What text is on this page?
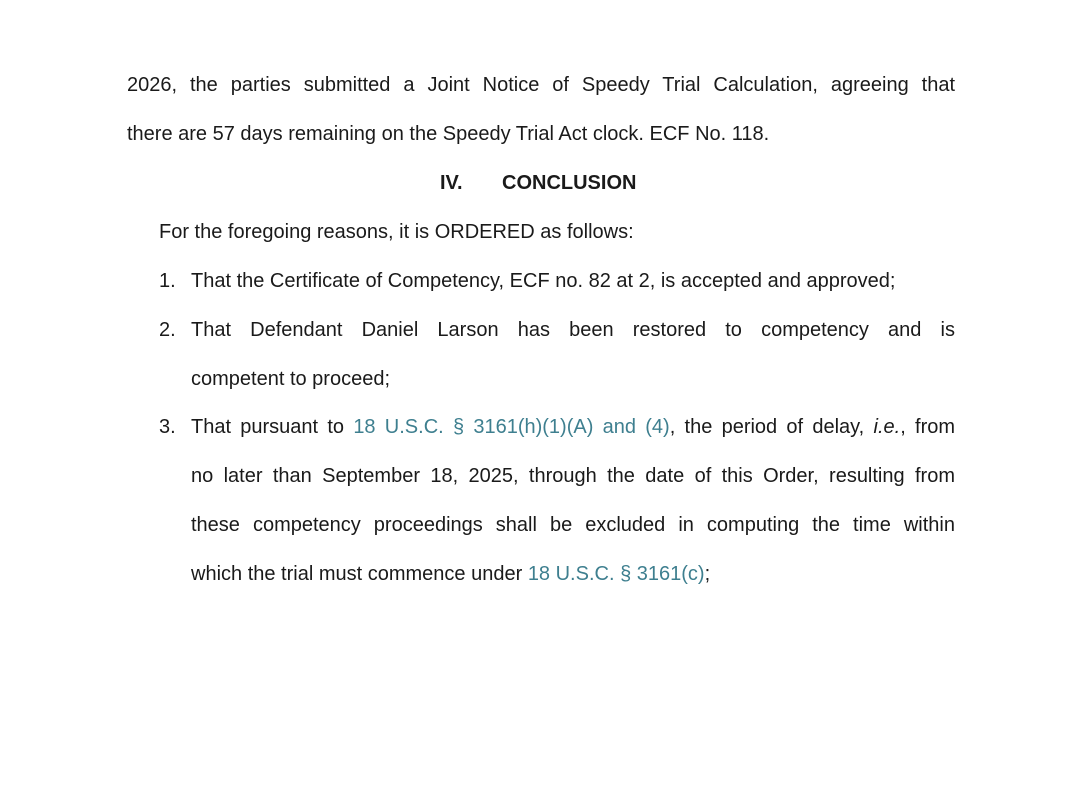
2026, the parties submitted a Joint Notice of Speedy Trial Calculation, agreeing that
there are 57 days remaining on the Speedy Trial Act clock. ECF No. 118.
IV. CONCLUSION
For the foregoing reasons, it is ORDERED as follows:
1. That the Certificate of Competency, ECF no. 82 at 2, is accepted and approved;
2. That Defendant Daniel Larson has been restored to competency and is
competent to proceed;
3. That pursuant to 18 U.S.C. § 3161(h)(1)(A) and (4), the period of delay, i.e., from
no later than September 18, 2025, through the date of this Order, resulting from
these competency proceedings shall be excluded in computing the time within
which the trial must commence under 18 U.S.C. § 3161(c);
